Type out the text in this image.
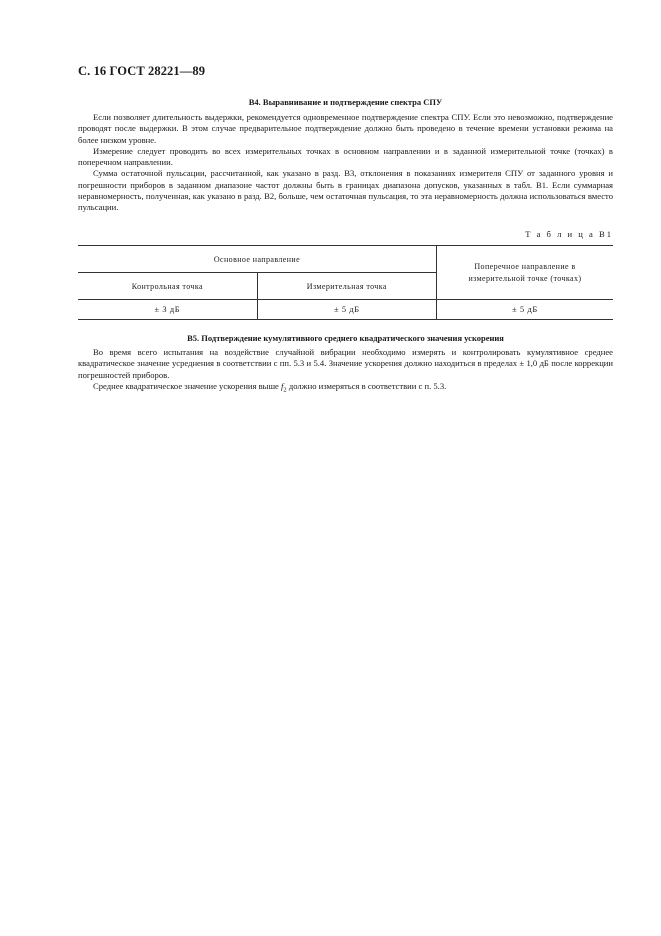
С. 16 ГОСТ 28221—89
В4. Выравнивание и подтверждение спектра СПУ

Если позволяет длительность выдержки, рекомендуется одновременное подтверждение спектра СПУ. Если это невозможно, подтверждение проводят после выдержки. В этом случае предварительное подтверждение должно быть проведено в течение времени установки режима на более низком уровне.

Измерение следует проводить во всех измерительных точках в основном направлении и в заданной измерительной точке (точках) в поперечном направлении.

Сумма остаточной пульсации, рассчитанной, как указано в разд. В3, отклонения в показаниях измерителя СПУ от заданного уровня и погрешности приборов в заданном диапазоне частот должны быть в границах диапазона допусков, указанных в табл. В1. Если суммарная неравномерность, полученная, как указано в разд. В2, больше, чем остаточная пульсация, то эта неравномерность должна использоваться вместо пульсации.

Т а б л и ц а В1
Основное направление		Поперечное направление в измерительной точке (точках)
Контрольная точка	Измерительная точка	
± 3 дБ	± 5 дБ	± 5 дБ
В5. Подтверждение кумулятивного среднего квадратического значения ускорения

Во время всего испытания на воздействие случайной вибрации необходимо измерять и контролировать кумулятивное среднее квадратическое значение усреднения в соответствии с пп. 5.3 и 5.4. Значение ускорения должно находиться в пределах ± 1,0 дБ после коррекции погрешностей приборов.

Среднее квадратическое значение ускорения выше $f_2$ должно измеряться в соответствии с п. 5.3.
